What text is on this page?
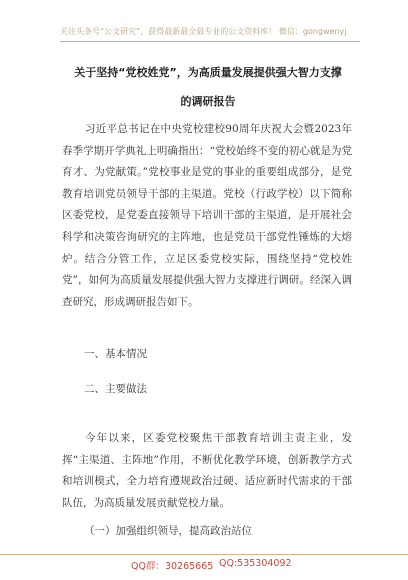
关注头条号“公文研究”，获得最新最全最专业的公文资料库！ 微信：gongwenyj
关于坚持“党校姓党”，为高质量发展提供强大智力支撑
的调研报告
习近平总书记在中央党校建校90周年庆祝大会暨2023年春季学期开学典礼上明确指出：“党校始终不变的初心就是为党育才、为党献策。”党校事业是党的事业的重要组成部分，是党教育培训党员领导干部的主渠道。党校（行政学校）以下简称区委党校，是党委直接领导下培训干部的主渠道，是开展社会科学和决策咨询研究的主阵地，也是党员干部党性锤炼的大熔炉。结合分管工作，立足区委党校实际，围绕坚持“党校姓党”，如何为高质量发展提供强大智力支撑进行调研。经深入调查研究，形成调研报告如下。
一、基本情况
二、主要做法
今年以来，区委党校聚焦干部教育培训主责主业，发挥“主渠道、主阵地”作用，不断优化教学环境，创新教学方式和培训模式，全力培育遵规政治过硬、适应新时代需求的干部队伍，为高质量发展贡献党校力量。
（一）加强组织领导，提高政治站位
QQ群：30265665 QQ:535304092
